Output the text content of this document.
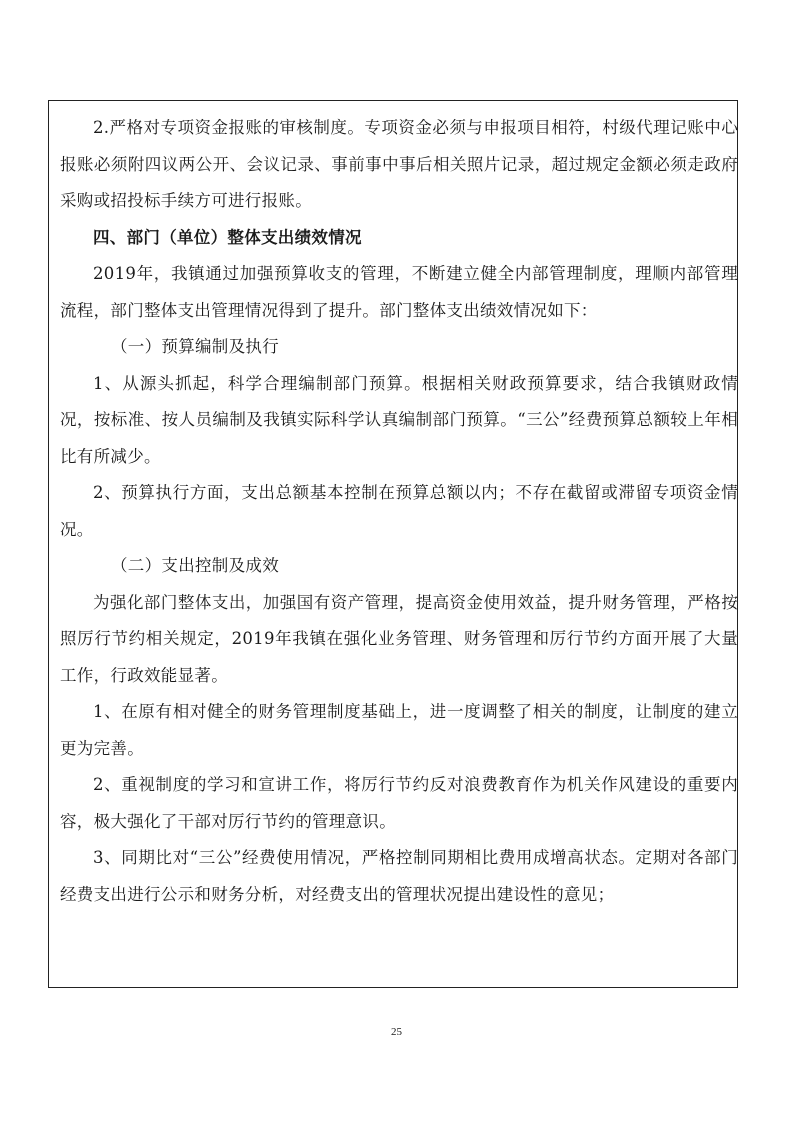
2.严格对专项资金报账的审核制度。专项资金必须与申报项目相符，村级代理记账中心报账必须附四议两公开、会议记录、事前事中事后相关照片记录，超过规定金额必须走政府采购或招投标手续方可进行报账。

四、部门（单位）整体支出绩效情况

2019年，我镇通过加强预算收支的管理，不断建立健全内部管理制度，理顺内部管理流程，部门整体支出管理情况得到了提升。部门整体支出绩效情况如下：

（一）预算编制及执行

1、从源头抓起，科学合理编制部门预算。根据相关财政预算要求，结合我镇财政情况，按标准、按人员编制及我镇实际科学认真编制部门预算。“三公”经费预算总额较上年相比有所减少。

2、预算执行方面，支出总额基本控制在预算总额以内；不存在截留或滞留专项资金情况。

（二）支出控制及成效

为强化部门整体支出，加强国有资产管理，提高资金使用效益，提升财务管理，严格按照厉行节约相关规定，2019年我镇在强化业务管理、财务管理和厉行节约方面开展了大量工作，行政效能显著。

1、在原有相对健全的财务管理制度基础上，进一度调整了相关的制度，让制度的建立更为完善。

2、重视制度的学习和宣讲工作，将厉行节约反对浪费教育作为机关作风建设的重要内容，极大强化了干部对厉行节约的管理意识。

3、同期比对“三公”经费使用情况，严格控制同期相比费用成增高状态。定期对各部门经费支出进行公示和财务分析，对经费支出的管理状况提出建设性的意见；

25
